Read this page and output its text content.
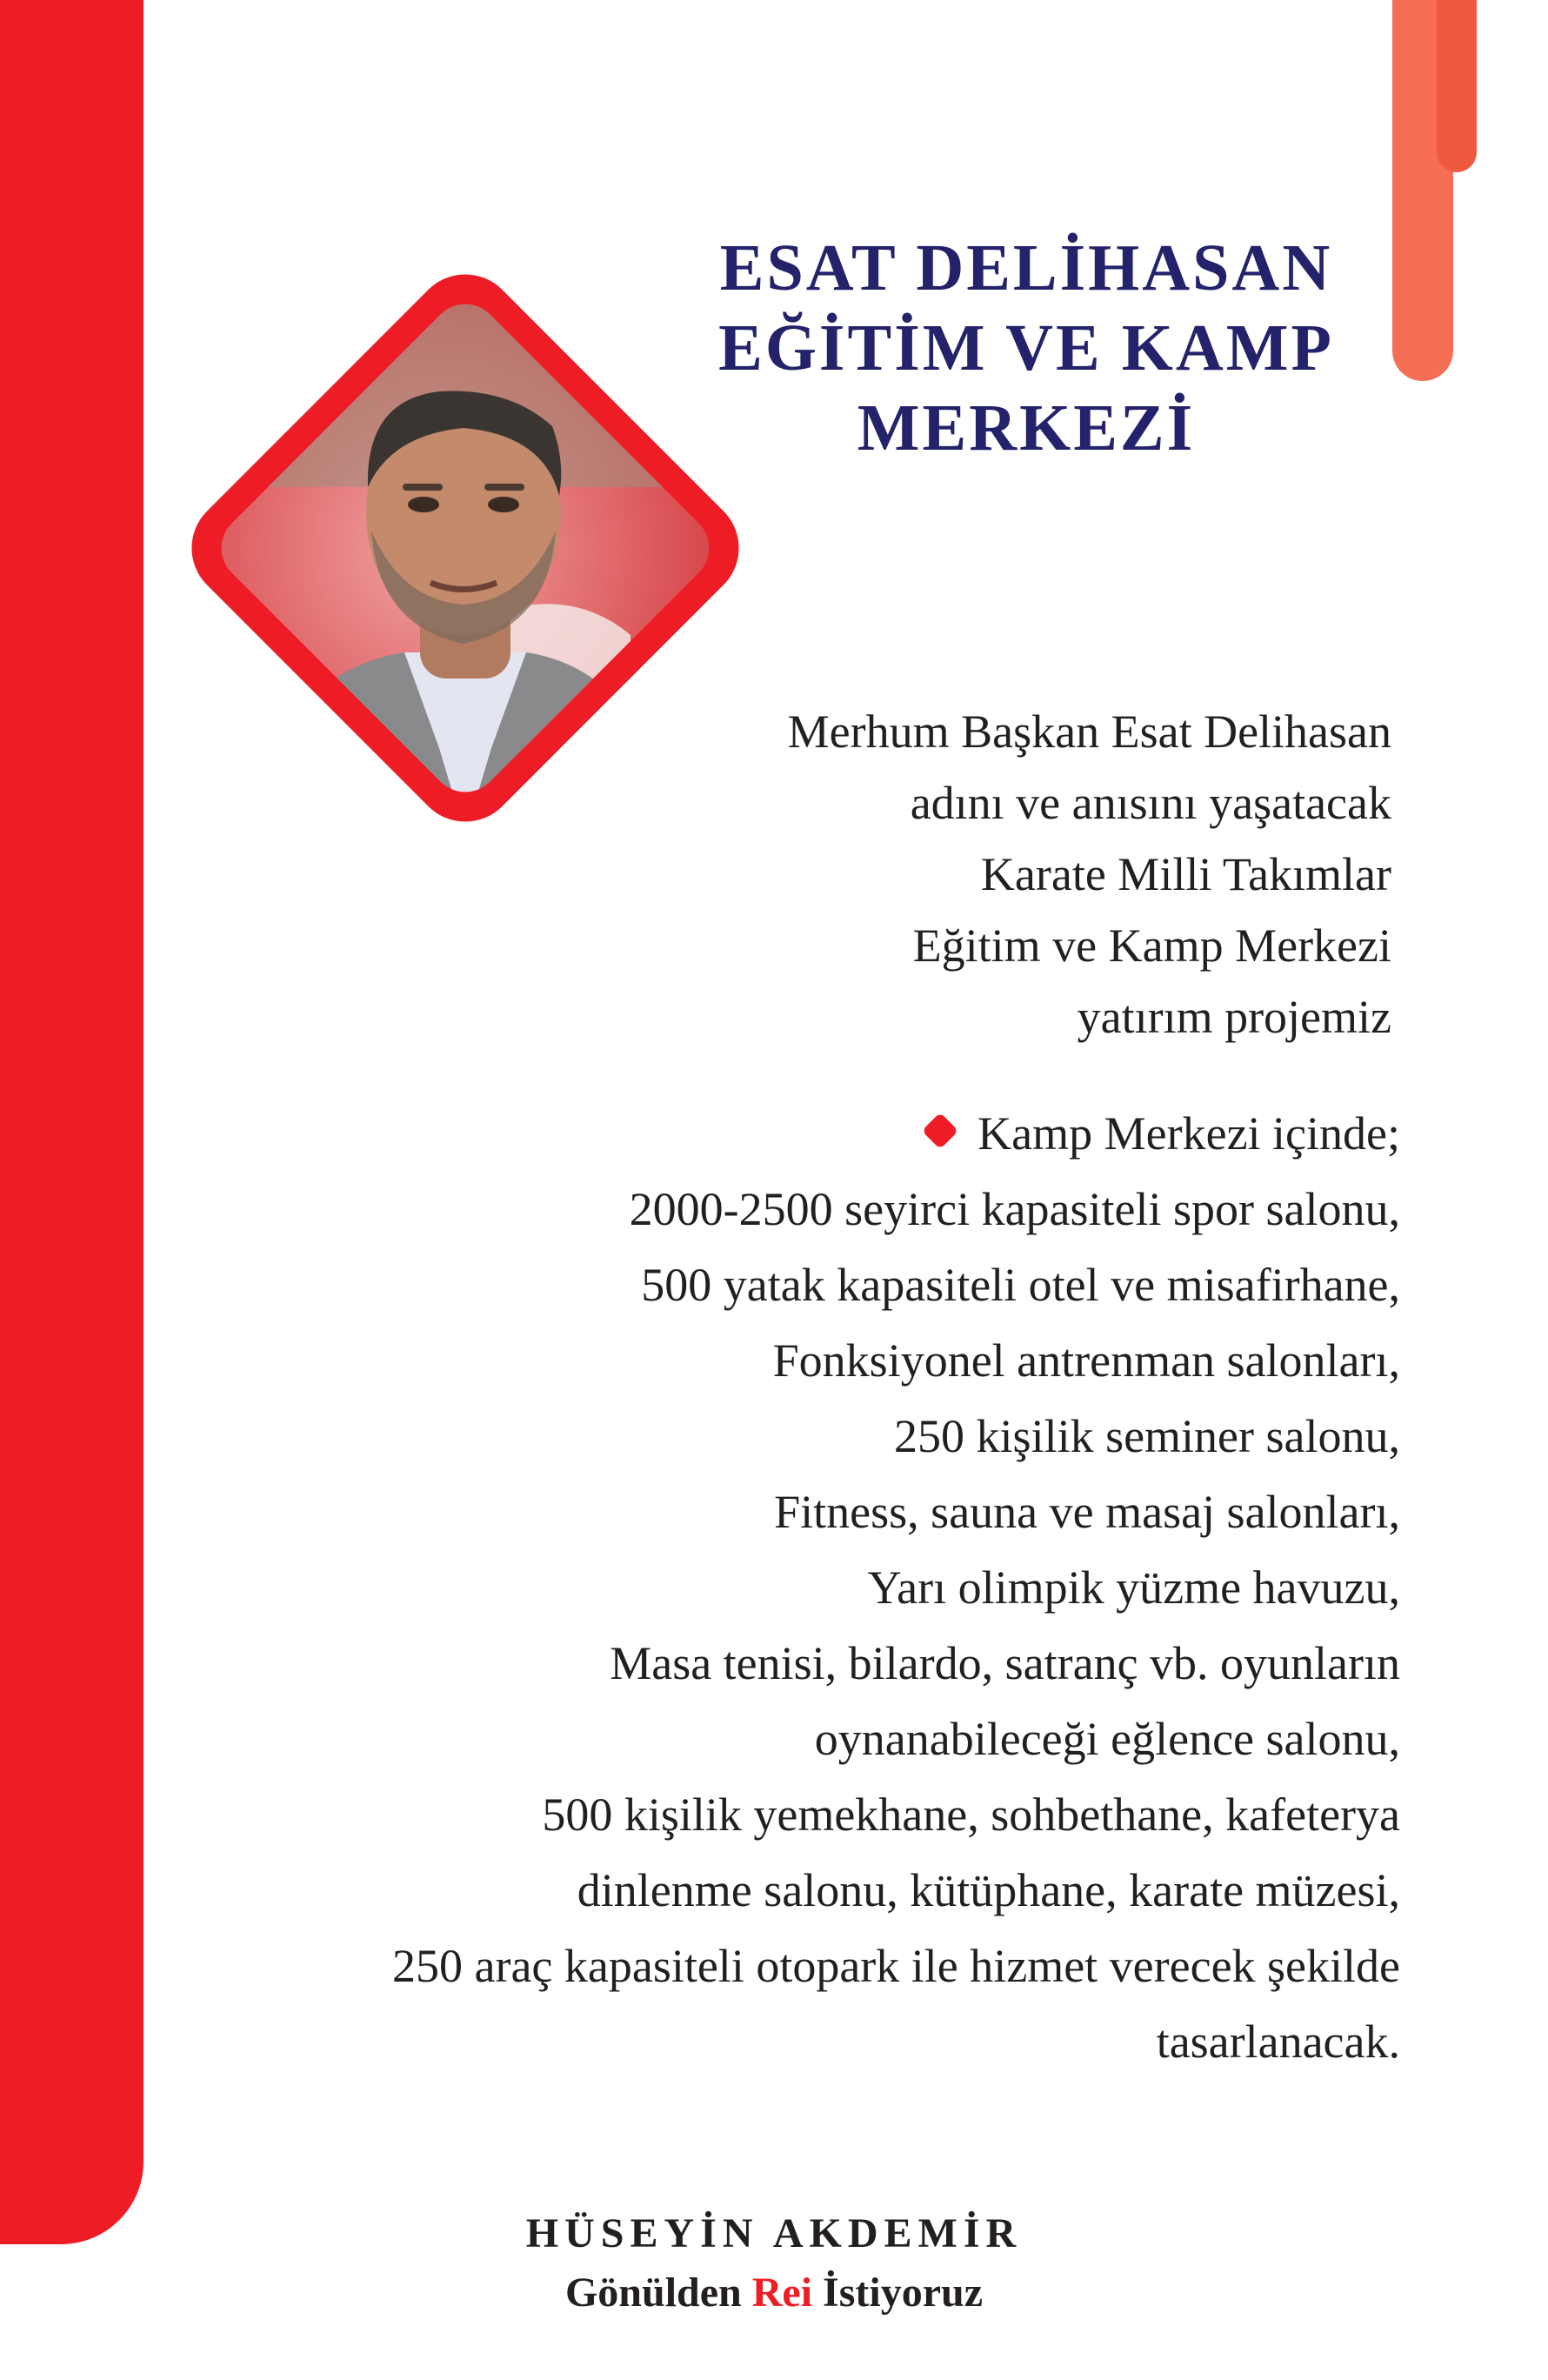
ESAT DELİHASAN
EĞİTİM VE KAMP
MERKEZİ
Merhum Başkan Esat Delihasan
adını ve anısını yaşatacak
Karate Milli Takımlar
Eğitim ve Kamp Merkezi
yatırım projemiz
Kamp Merkezi içinde;
2000-2500 seyirci kapasiteli spor salonu,
500 yatak kapasiteli otel ve misafirhane,
Fonksiyonel antrenman salonları,
250 kişilik seminer salonu,
Fitness, sauna ve masaj salonları,
Yarı olimpik yüzme havuzu,
Masa tenisi, bilardo, satranç vb. oyunların
oynanabileceği eğlence salonu,
500 kişilik yemekhane, sohbethane, kafeterya
dinlenme salonu, kütüphane, karate müzesi,
250 araç kapasiteli otopark ile hizmet verecek şekilde
tasarlanacak.
HÜSEYİN AKDEMİR
Gönülden Rei İstiyoruz
